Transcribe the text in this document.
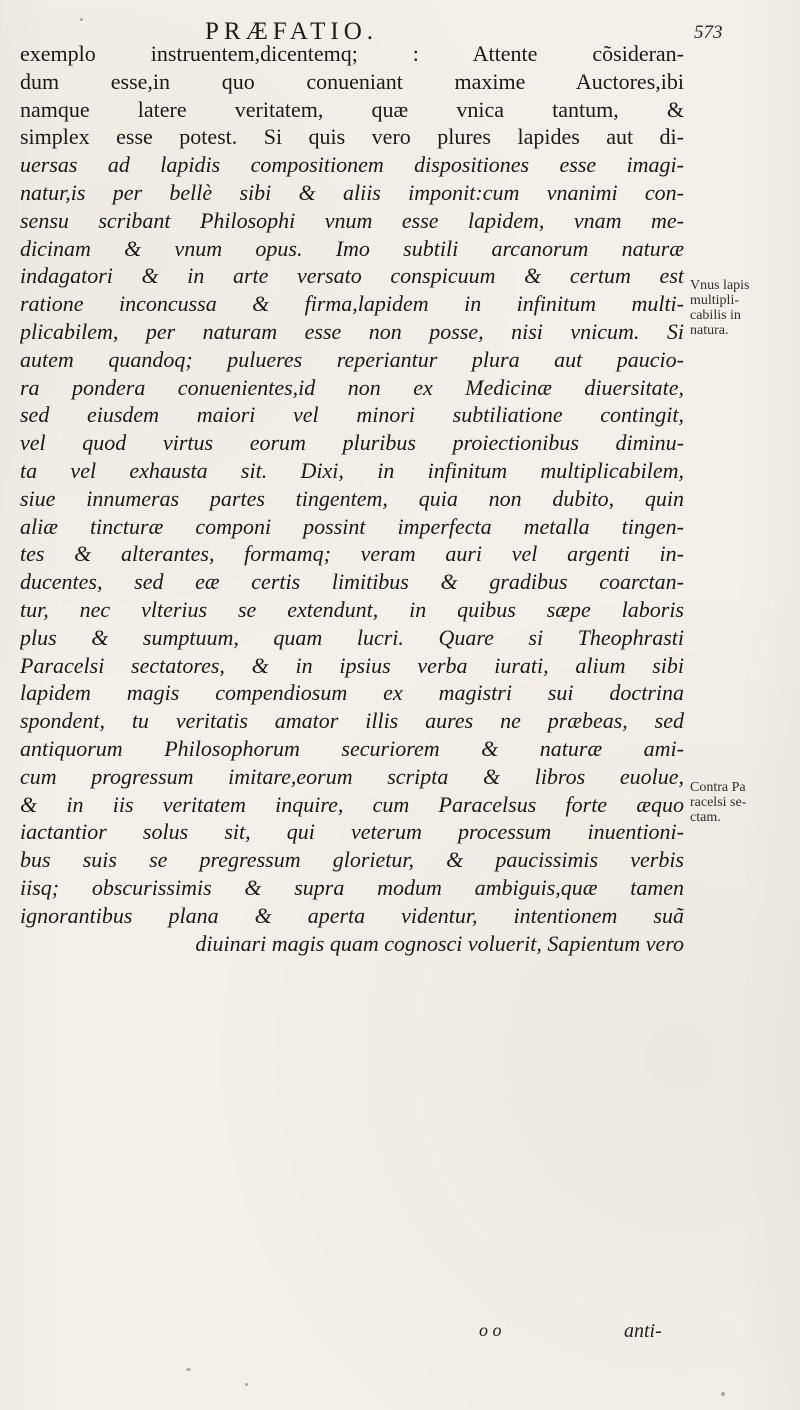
PRÆFATIO.	573
exemplo instruentem,dicentemq; : Attente cõsideran-
dum esse,in quo conueniant maxime Auctores,ibi
namque latere veritatem, quæ vnica tantum, &
simplex esse potest. Si quis vero plures lapides aut di-
uersas ad lapidis compositionem dispositiones esse imagi-
natur,is per bellè sibi & aliis imponit:cum vnanimi con-
sensu scribant Philosophi vnum esse lapidem, vnam me-
dicinam & vnum opus. Imo subtili arcanorum naturæ
indagatori & in arte versato conspicuum & certum est
ratione inconcussa & firma,lapidem in infinitum multi-
plicabilem, per naturam esse non posse, nisi vnicum. Si
autem quandoq; pulueres reperiantur plura aut paucio-
ra pondera conuenientes,id non ex Medicinæ diuersitate,
sed eiusdem maiori vel minori subtiliatione contingit,
vel quod virtus eorum pluribus proiectionibus diminu-
ta vel exhausta sit. Dixi, in infinitum multiplicabilem,
siue innumeras partes tingentem, quia non dubito, quin
aliæ tincturæ componi possint imperfecta metalla tingen-
tes & alterantes, formamq; veram auri vel argenti in-
ducentes, sed eæ certis limitibus & gradibus coarctan-
tur, nec vlterius se extendunt, in quibus sæpe laboris
plus & sumptuum, quam lucri. Quare si Theophrasti
Paracelsi sectatores, & in ipsius verba iurati, alium sibi
lapidem magis compendiosum ex magistri sui doctrina
spondent, tu veritatis amator illis aures ne præbeas, sed
antiquorum Philosophorum securiorem & naturæ ami-
cum progressum imitare,eorum scripta & libros euolue,
& in iis veritatem inquire, cum Paracelsus forte æquo
iactantior solus sit, qui veterum processum inuentioni-
bus suis se pregressum glorietur, & paucissimis verbis
iisq; obscurissimis & supra modum ambiguis,quæ tamen
ignorantibus plana & aperta videntur, intentionem suã
diuinari magis quam cognosci voluerit, Sapientum vero
Vnus lapis
multipli-
cabilis in
natura.
Contra Pa
racelsi se-
ctam.
o o	anti-
